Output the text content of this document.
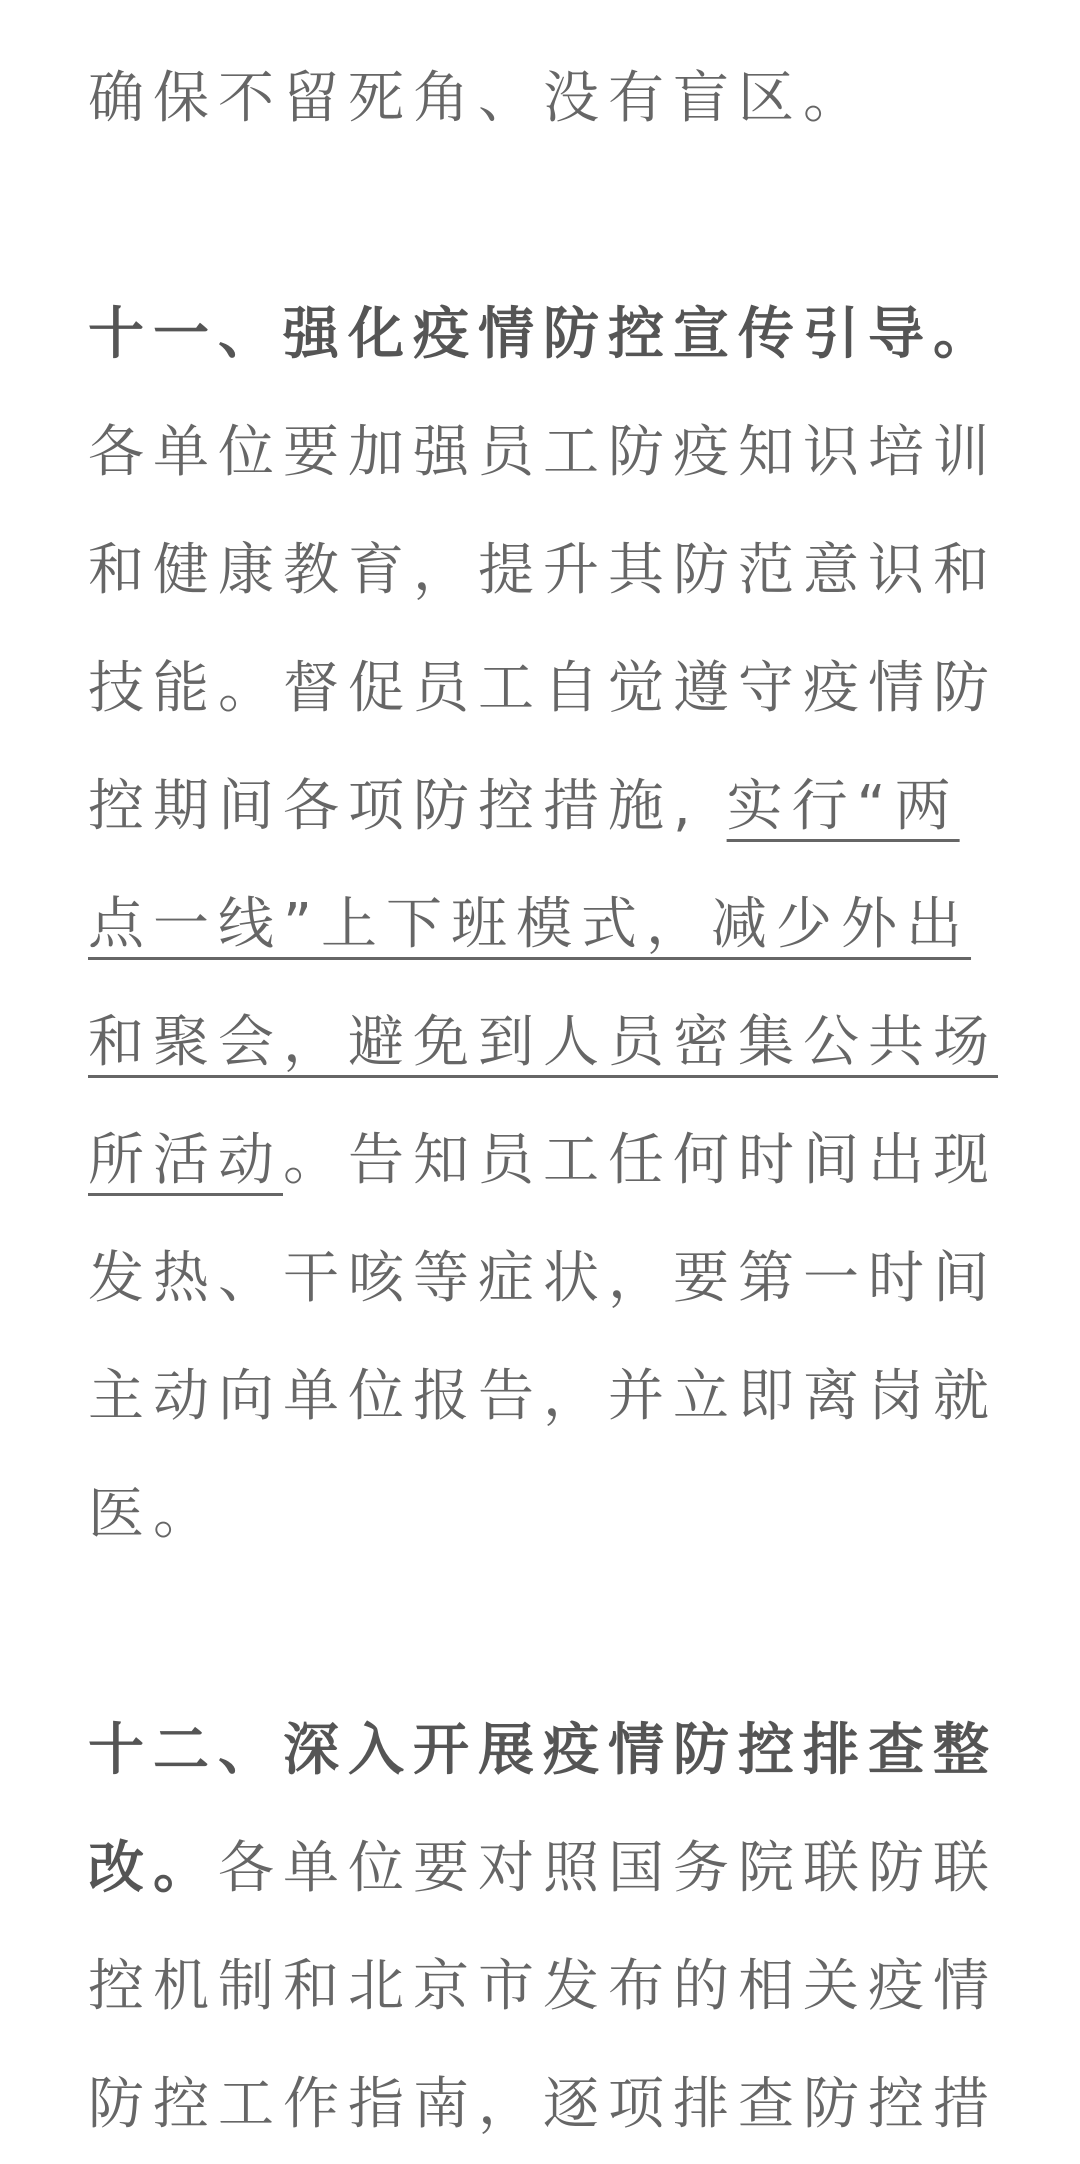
确保不留死角、没有盲区。

十一、强化疫情防控宣传引导。
各单位要加强员工防疫知识培训和健康教育，提升其防范意识和技能。督促员工自觉遵守疫情防控期间各项防控措施, 实行“两点一线”上下班模式，减少外出和聚会，避免到人员密集公共场所活动。告知员工任何时间出现发热、干咳等症状，要第一时间主动向单位报告，并立即离岗就医。

十二、深入开展疫情防控排查整改。各单位要对照国务院联防联控机制和北京市发布的相关疫情防控工作指南，逐项排查防控措
